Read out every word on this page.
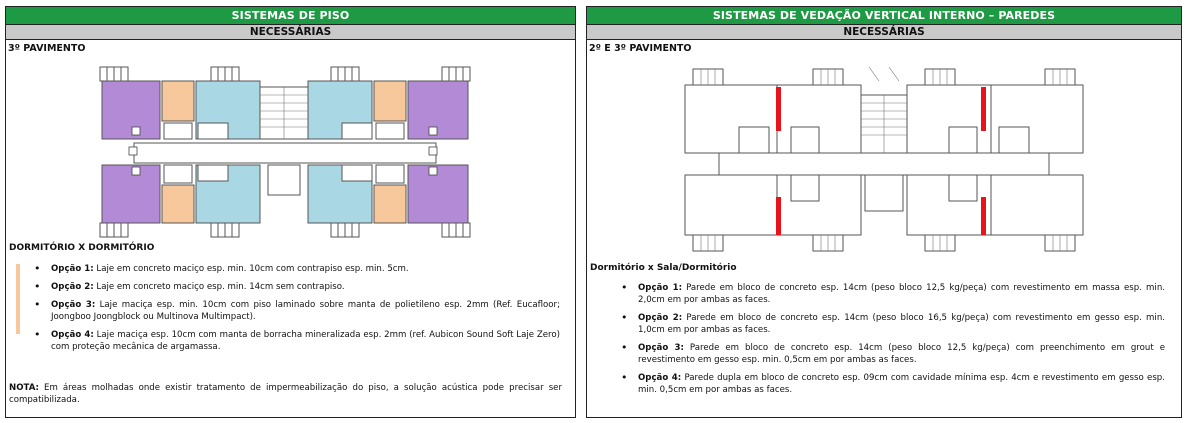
SISTEMAS DE PISO
NECESSÁRIAS
3º PAVIMENTO
DORMITÓRIO X DORMITÓRIO
• Opção 1: Laje em concreto maciço esp. min. 10cm com contrapiso esp. min. 5cm.
• Opção 2: Laje em concreto maciço esp. min. 14cm sem contrapiso.
• Opção 3: Laje maciça esp. min. 10cm com piso laminado sobre manta de polietileno esp. 2mm (Ref. Eucafloor; Joongboo Joongblock ou Multinova Multimpact).
• Opção 4: Laje maciça esp. 10cm com manta de borracha mineralizada esp. 2mm (ref. Aubicon Sound Soft Laje Zero) com proteção mecânica de argamassa.
NOTA: Em áreas molhadas onde existir tratamento de impermeabilização do piso, a solução acústica pode precisar ser compatibilizada.
SISTEMAS DE VEDAÇÃO VERTICAL INTERNO – PAREDES
NECESSÁRIAS
2º E 3º PAVIMENTO
Dormitório x Sala/Dormitório
• Opção 1: Parede em bloco de concreto esp. 14cm (peso bloco 12,5 kg/peça) com revestimento em massa esp. min. 2,0cm em por ambas as faces.
• Opção 2: Parede em bloco de concreto esp. 14cm (peso bloco 16,5 kg/peça) com revestimento em gesso esp. min. 1,0cm em por ambas as faces.
• Opção 3: Parede em bloco de concreto esp. 14cm (peso bloco 12,5 kg/peça) com preenchimento em grout e revestimento em gesso esp. min. 0,5cm em por ambas as faces.
• Opção 4: Parede dupla em bloco de concreto esp. 09cm com cavidade mínima esp. 4cm e revestimento em gesso esp. min. 0,5cm em por ambas as faces.
